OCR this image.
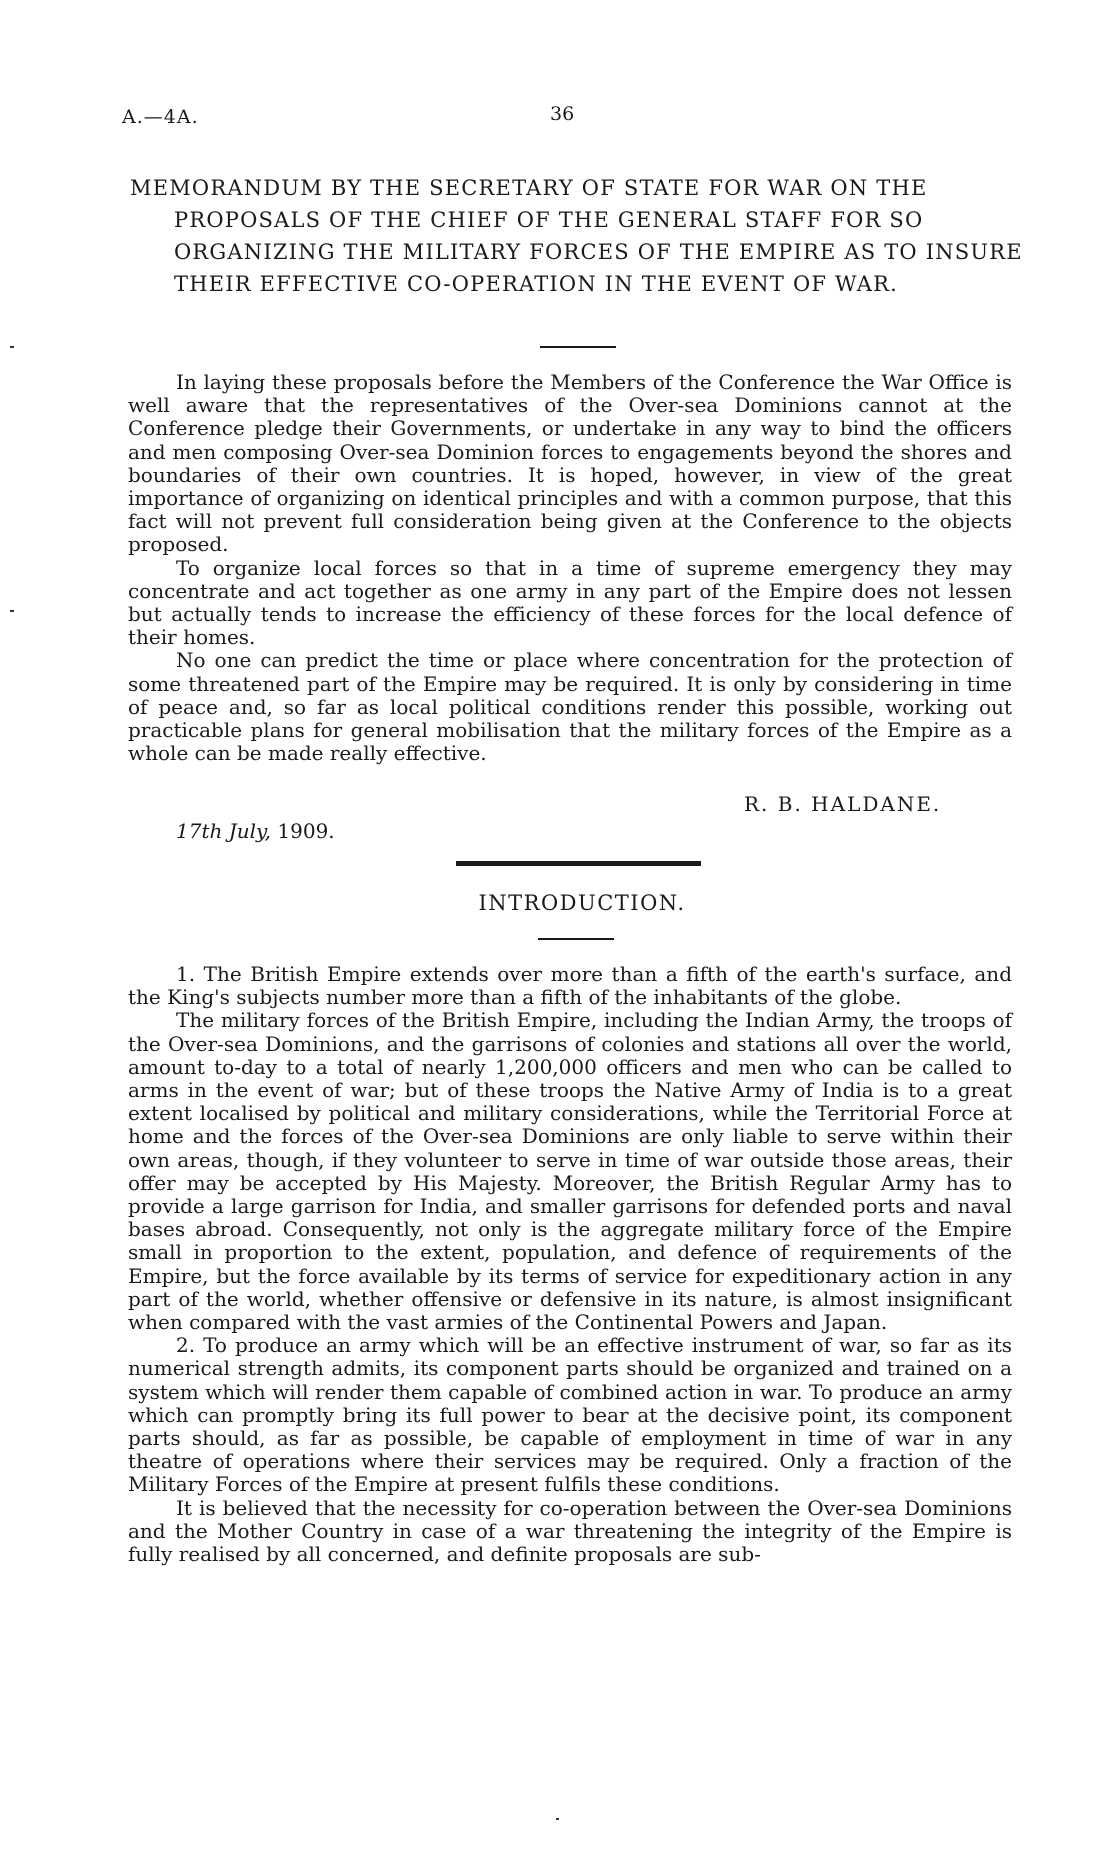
A.—4A.	36
MEMORANDUM BY THE SECRETARY OF STATE FOR WAR ON THE PROPOSALS OF THE CHIEF OF THE GENERAL STAFF FOR SO ORGANIZING THE MILITARY FORCES OF THE EMPIRE AS TO INSURE THEIR EFFECTIVE CO-OPERATION IN THE EVENT OF WAR.

In laying these proposals before the Members of the Conference the War Office is well aware that the representatives of the Over-sea Dominions cannot at the Conference pledge their Governments, or undertake in any way to bind the officers and men composing Over-sea Dominion forces to engagements beyond the shores and boundaries of their own countries. It is hoped, however, in view of the great importance of organizing on identical principles and with a common purpose, that this fact will not prevent full consideration being given at the Conference to the objects proposed.

To organize local forces so that in a time of supreme emergency they may concentrate and act together as one army in any part of the Empire does not lessen but actually tends to increase the efficiency of these forces for the local defence of their homes.

No one can predict the time or place where concentration for the protection of some threatened part of the Empire may be required. It is only by considering in time of peace and, so far as local political conditions render this possible, working out practicable plans for general mobilisation that the military forces of the Empire as a whole can be made really effective.

R. B. HALDANE.
17th July, 1909.
INTRODUCTION.

1. The British Empire extends over more than a fifth of the earth's surface, and the King's subjects number more than a fifth of the inhabitants of the globe.

The military forces of the British Empire, including the Indian Army, the troops of the Over-sea Dominions, and the garrisons of colonies and stations all over the world, amount to-day to a total of nearly 1,200,000 officers and men who can be called to arms in the event of war; but of these troops the Native Army of India is to a great extent localised by political and military considerations, while the Territorial Force at home and the forces of the Over-sea Dominions are only liable to serve within their own areas, though, if they volunteer to serve in time of war outside those areas, their offer may be accepted by His Majesty. Moreover, the British Regular Army has to provide a large garrison for India, and smaller garrisons for defended ports and naval bases abroad. Consequently, not only is the aggregate military force of the Empire small in proportion to the extent, population, and defence of requirements of the Empire, but the force available by its terms of service for expeditionary action in any part of the world, whether offensive or defensive in its nature, is almost insignificant when compared with the vast armies of the Continental Powers and Japan.

2. To produce an army which will be an effective instrument of war, so far as its numerical strength admits, its component parts should be organized and trained on a system which will render them capable of combined action in war. To produce an army which can promptly bring its full power to bear at the decisive point, its component parts should, as far as possible, be capable of employment in time of war in any theatre of operations where their services may be required. Only a fraction of the Military Forces of the Empire at present fulfils these conditions.

It is believed that the necessity for co-operation between the Over-sea Dominions and the Mother Country in case of a war threatening the integrity of the Empire is fully realised by all concerned, and definite proposals are sub-
